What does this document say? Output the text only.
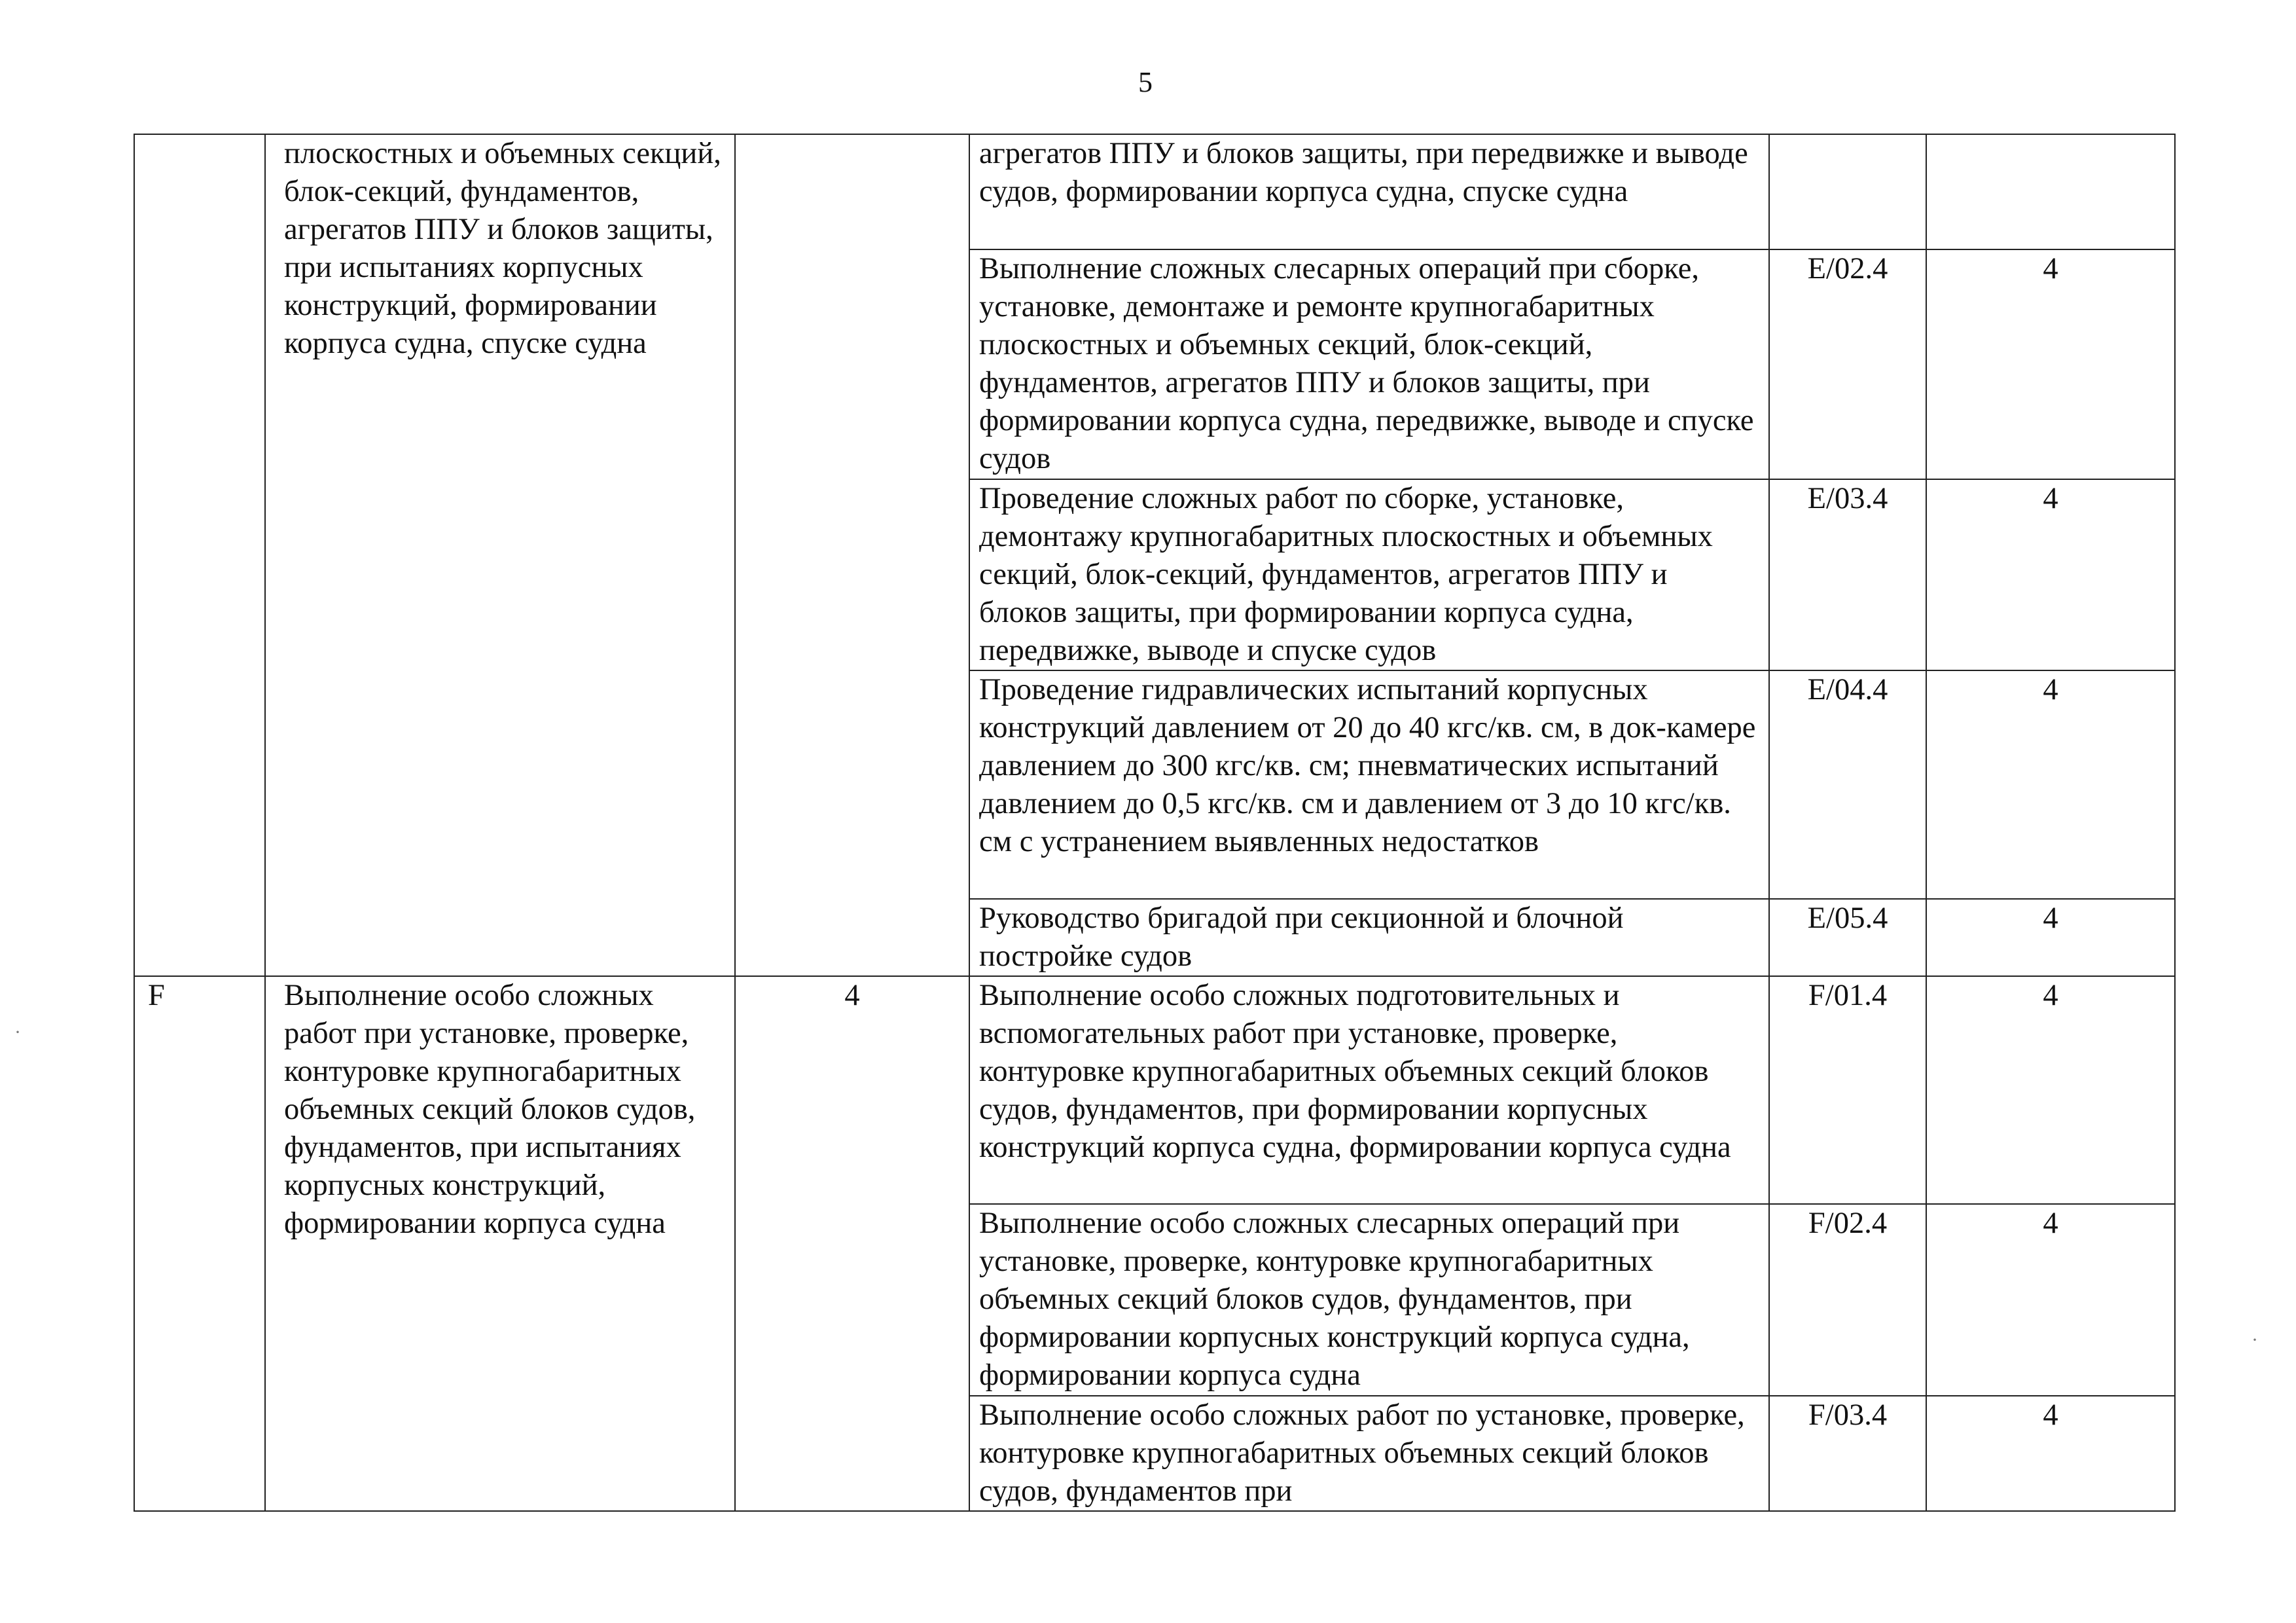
5
	плоскостных и объемных секций, блок-секций, фундаментов, агрегатов ППУ и блоков защиты, при испытаниях корпусных конструкций, формировании корпуса судна, спуске судна		агрегатов ППУ и блоков защиты, при передвижке и выводе судов, формировании корпуса судна, спуске судна		
			Выполнение сложных слесарных операций при сборке, установке, демонтаже и ремонте крупногабаритных плоскостных и объемных секций, блок-секций, фундаментов, агрегатов ППУ и блоков защиты, при формировании корпуса судна, передвижке, выводе и спуске судов	E/02.4	4
			Проведение сложных работ по сборке, установке, демонтажу крупногабаритных плоскостных и объемных секций, блок-секций, фундаментов, агрегатов ППУ и блоков защиты, при формировании корпуса судна, передвижке, выводе и спуске судов	E/03.4	4
			Проведение гидравлических испытаний корпусных конструкций давлением от 20 до 40 кгс/кв. см, в док-камере давлением до 300 кгс/кв. см; пневматических испытаний давлением до 0,5 кгс/кв. см и давлением от 3 до 10 кгс/кв. см с устранением выявленных недостатков	E/04.4	4
			Руководство бригадой при секционной и блочной постройке судов	E/05.4	4
F	Выполнение особо сложных работ при установке, проверке, контуровке крупногабаритных объемных секций блоков судов, фундаментов, при испытаниях корпусных конструкций, формировании корпуса судна	4	Выполнение особо сложных подготовительных и вспомогательных работ при установке, проверке, контуровке крупногабаритных объемных секций блоков судов, фундаментов, при формировании корпусных конструкций корпуса судна, формировании корпуса судна	F/01.4	4
			Выполнение особо сложных слесарных операций при установке, проверке, контуровке крупногабаритных объемных секций блоков судов, фундаментов, при формировании корпусных конструкций корпуса судна, формировании корпуса судна	F/02.4	4
			Выполнение особо сложных работ по установке, проверке, контуровке крупногабаритных объемных секций блоков судов, фундаментов при	F/03.4	4
·
·
